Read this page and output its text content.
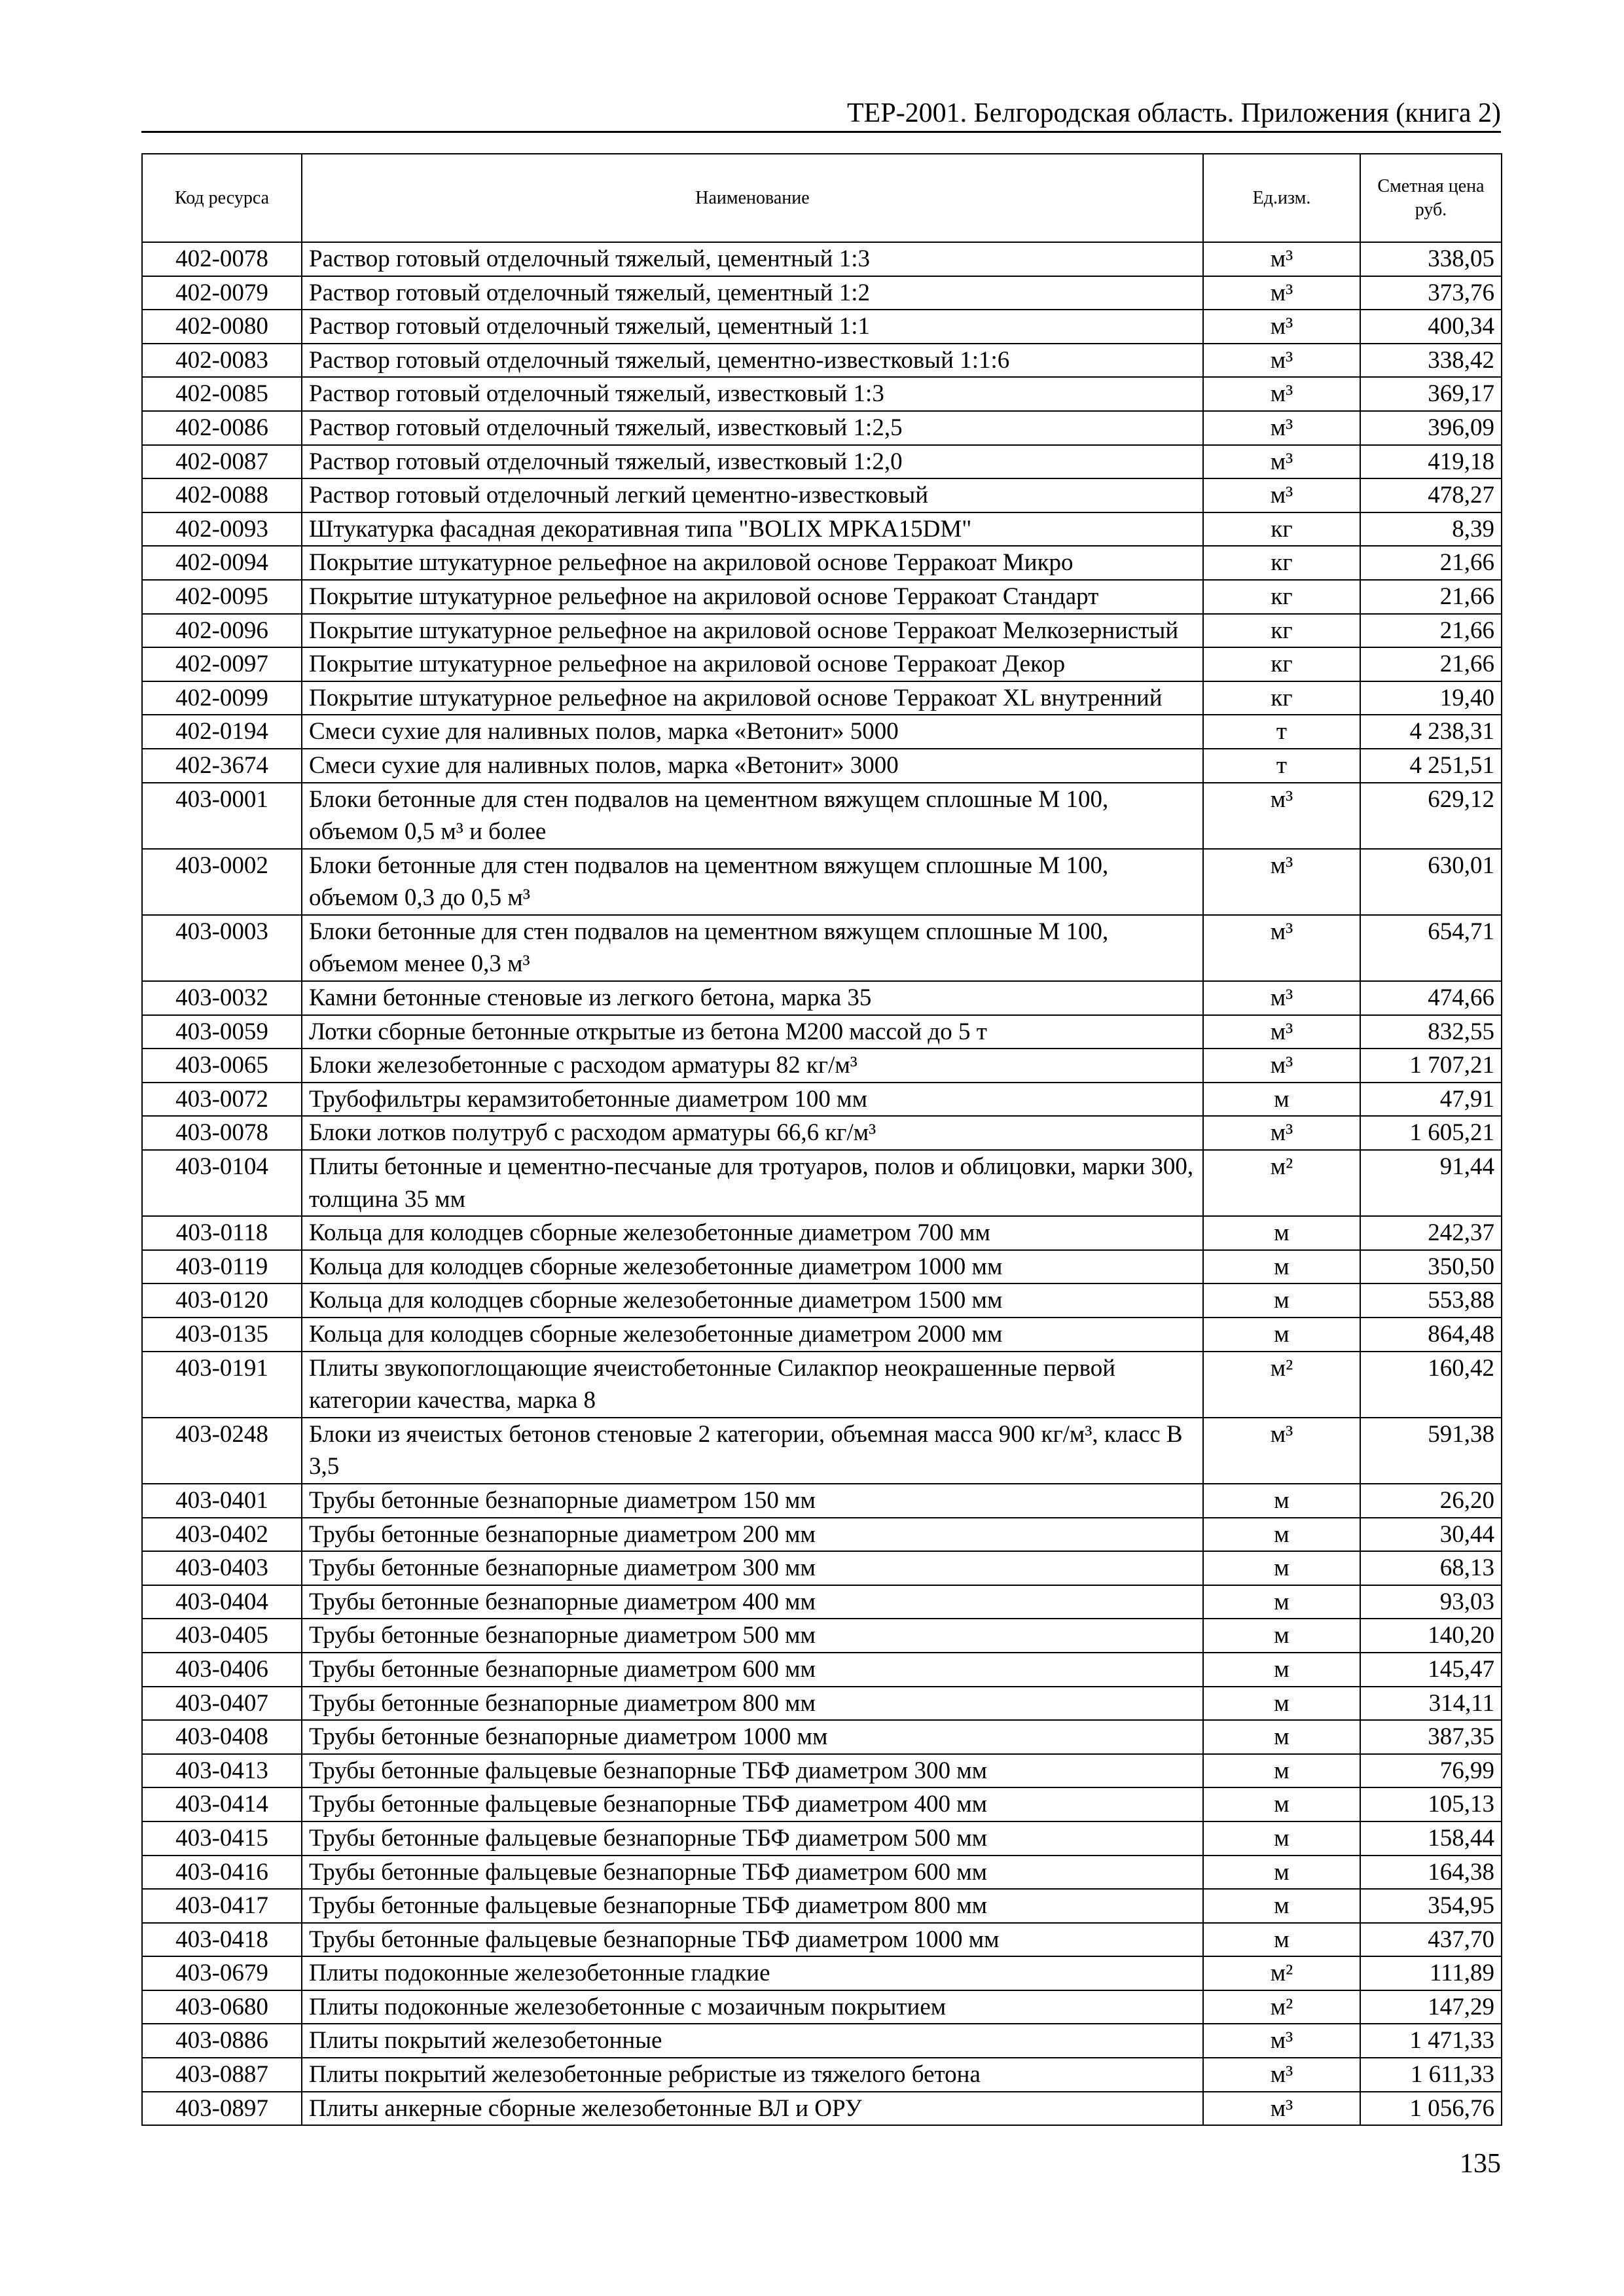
ТЕР-2001. Белгородская область. Приложения (книга 2)
Код ресурса	Наименование	Ед.изм.	Сметная цена руб.
402-0078	Раствор готовый отделочный тяжелый, цементный 1:3	м³	338,05
402-0079	Раствор готовый отделочный тяжелый, цементный 1:2	м³	373,76
402-0080	Раствор готовый отделочный тяжелый, цементный 1:1	м³	400,34
402-0083	Раствор готовый отделочный тяжелый, цементно-известковый 1:1:6	м³	338,42
402-0085	Раствор готовый отделочный тяжелый, известковый 1:3	м³	369,17
402-0086	Раствор готовый отделочный тяжелый, известковый 1:2,5	м³	396,09
402-0087	Раствор готовый отделочный тяжелый, известковый 1:2,0	м³	419,18
402-0088	Раствор готовый отделочный легкий цементно-известковый	м³	478,27
402-0093	Штукатурка фасадная декоративная типа "BOLIX MPKA15DM"	кг	8,39
402-0094	Покрытие штукатурное рельефное на акриловой основе Терракоат Микро	кг	21,66
402-0095	Покрытие штукатурное рельефное на акриловой основе Терракоат Стандарт	кг	21,66
402-0096	Покрытие штукатурное рельефное на акриловой основе Терракоат Мелкозернистый	кг	21,66
402-0097	Покрытие штукатурное рельефное на акриловой основе Терракоат Декор	кг	21,66
402-0099	Покрытие штукатурное рельефное на акриловой основе Терракоат XL внутренний	кг	19,40
402-0194	Смеси сухие для наливных полов, марка «Ветонит» 5000	т	4 238,31
402-3674	Смеси сухие для наливных полов, марка «Ветонит» 3000	т	4 251,51
403-0001	Блоки бетонные для стен подвалов на цементном вяжущем сплошные М 100, объемом 0,5 м³ и более	м³	629,12
403-0002	Блоки бетонные для стен подвалов на цементном вяжущем сплошные М 100, объемом 0,3 до 0,5 м³	м³	630,01
403-0003	Блоки бетонные для стен подвалов на цементном вяжущем сплошные М 100, объемом менее 0,3 м³	м³	654,71
403-0032	Камни бетонные стеновые из легкого бетона, марка 35	м³	474,66
403-0059	Лотки сборные бетонные открытые из бетона М200 массой до 5 т	м³	832,55
403-0065	Блоки железобетонные с расходом арматуры 82 кг/м³	м³	1 707,21
403-0072	Трубофильтры керамзитобетонные диаметром 100 мм	м	47,91
403-0078	Блоки лотков полутруб с расходом арматуры 66,6 кг/м³	м³	1 605,21
403-0104	Плиты бетонные и цементно-песчаные для тротуаров, полов и облицовки, марки 300, толщина 35 мм	м²	91,44
403-0118	Кольца для колодцев сборные железобетонные диаметром 700 мм	м	242,37
403-0119	Кольца для колодцев сборные железобетонные диаметром 1000 мм	м	350,50
403-0120	Кольца для колодцев сборные железобетонные диаметром 1500 мм	м	553,88
403-0135	Кольца для колодцев сборные железобетонные диаметром 2000 мм	м	864,48
403-0191	Плиты звукопоглощающие ячеистобетонные Силакпор неокрашенные первой категории качества, марка 8	м²	160,42
403-0248	Блоки из ячеистых бетонов стеновые 2 категории, объемная масса 900 кг/м³, класс В 3,5	м³	591,38
403-0401	Трубы бетонные безнапорные диаметром 150 мм	м	26,20
403-0402	Трубы бетонные безнапорные диаметром 200 мм	м	30,44
403-0403	Трубы бетонные безнапорные диаметром 300 мм	м	68,13
403-0404	Трубы бетонные безнапорные диаметром 400 мм	м	93,03
403-0405	Трубы бетонные безнапорные диаметром 500 мм	м	140,20
403-0406	Трубы бетонные безнапорные диаметром 600 мм	м	145,47
403-0407	Трубы бетонные безнапорные диаметром 800 мм	м	314,11
403-0408	Трубы бетонные безнапорные диаметром 1000 мм	м	387,35
403-0413	Трубы бетонные фальцевые безнапорные ТБФ диаметром 300 мм	м	76,99
403-0414	Трубы бетонные фальцевые безнапорные ТБФ диаметром 400 мм	м	105,13
403-0415	Трубы бетонные фальцевые безнапорные ТБФ диаметром 500 мм	м	158,44
403-0416	Трубы бетонные фальцевые безнапорные ТБФ диаметром 600 мм	м	164,38
403-0417	Трубы бетонные фальцевые безнапорные ТБФ диаметром 800 мм	м	354,95
403-0418	Трубы бетонные фальцевые безнапорные ТБФ диаметром 1000 мм	м	437,70
403-0679	Плиты подоконные железобетонные гладкие	м²	111,89
403-0680	Плиты подоконные железобетонные с мозаичным покрытием	м²	147,29
403-0886	Плиты покрытий железобетонные	м³	1 471,33
403-0887	Плиты покрытий железобетонные ребристые из тяжелого бетона	м³	1 611,33
403-0897	Плиты анкерные сборные железобетонные ВЛ и ОРУ	м³	1 056,76
135
